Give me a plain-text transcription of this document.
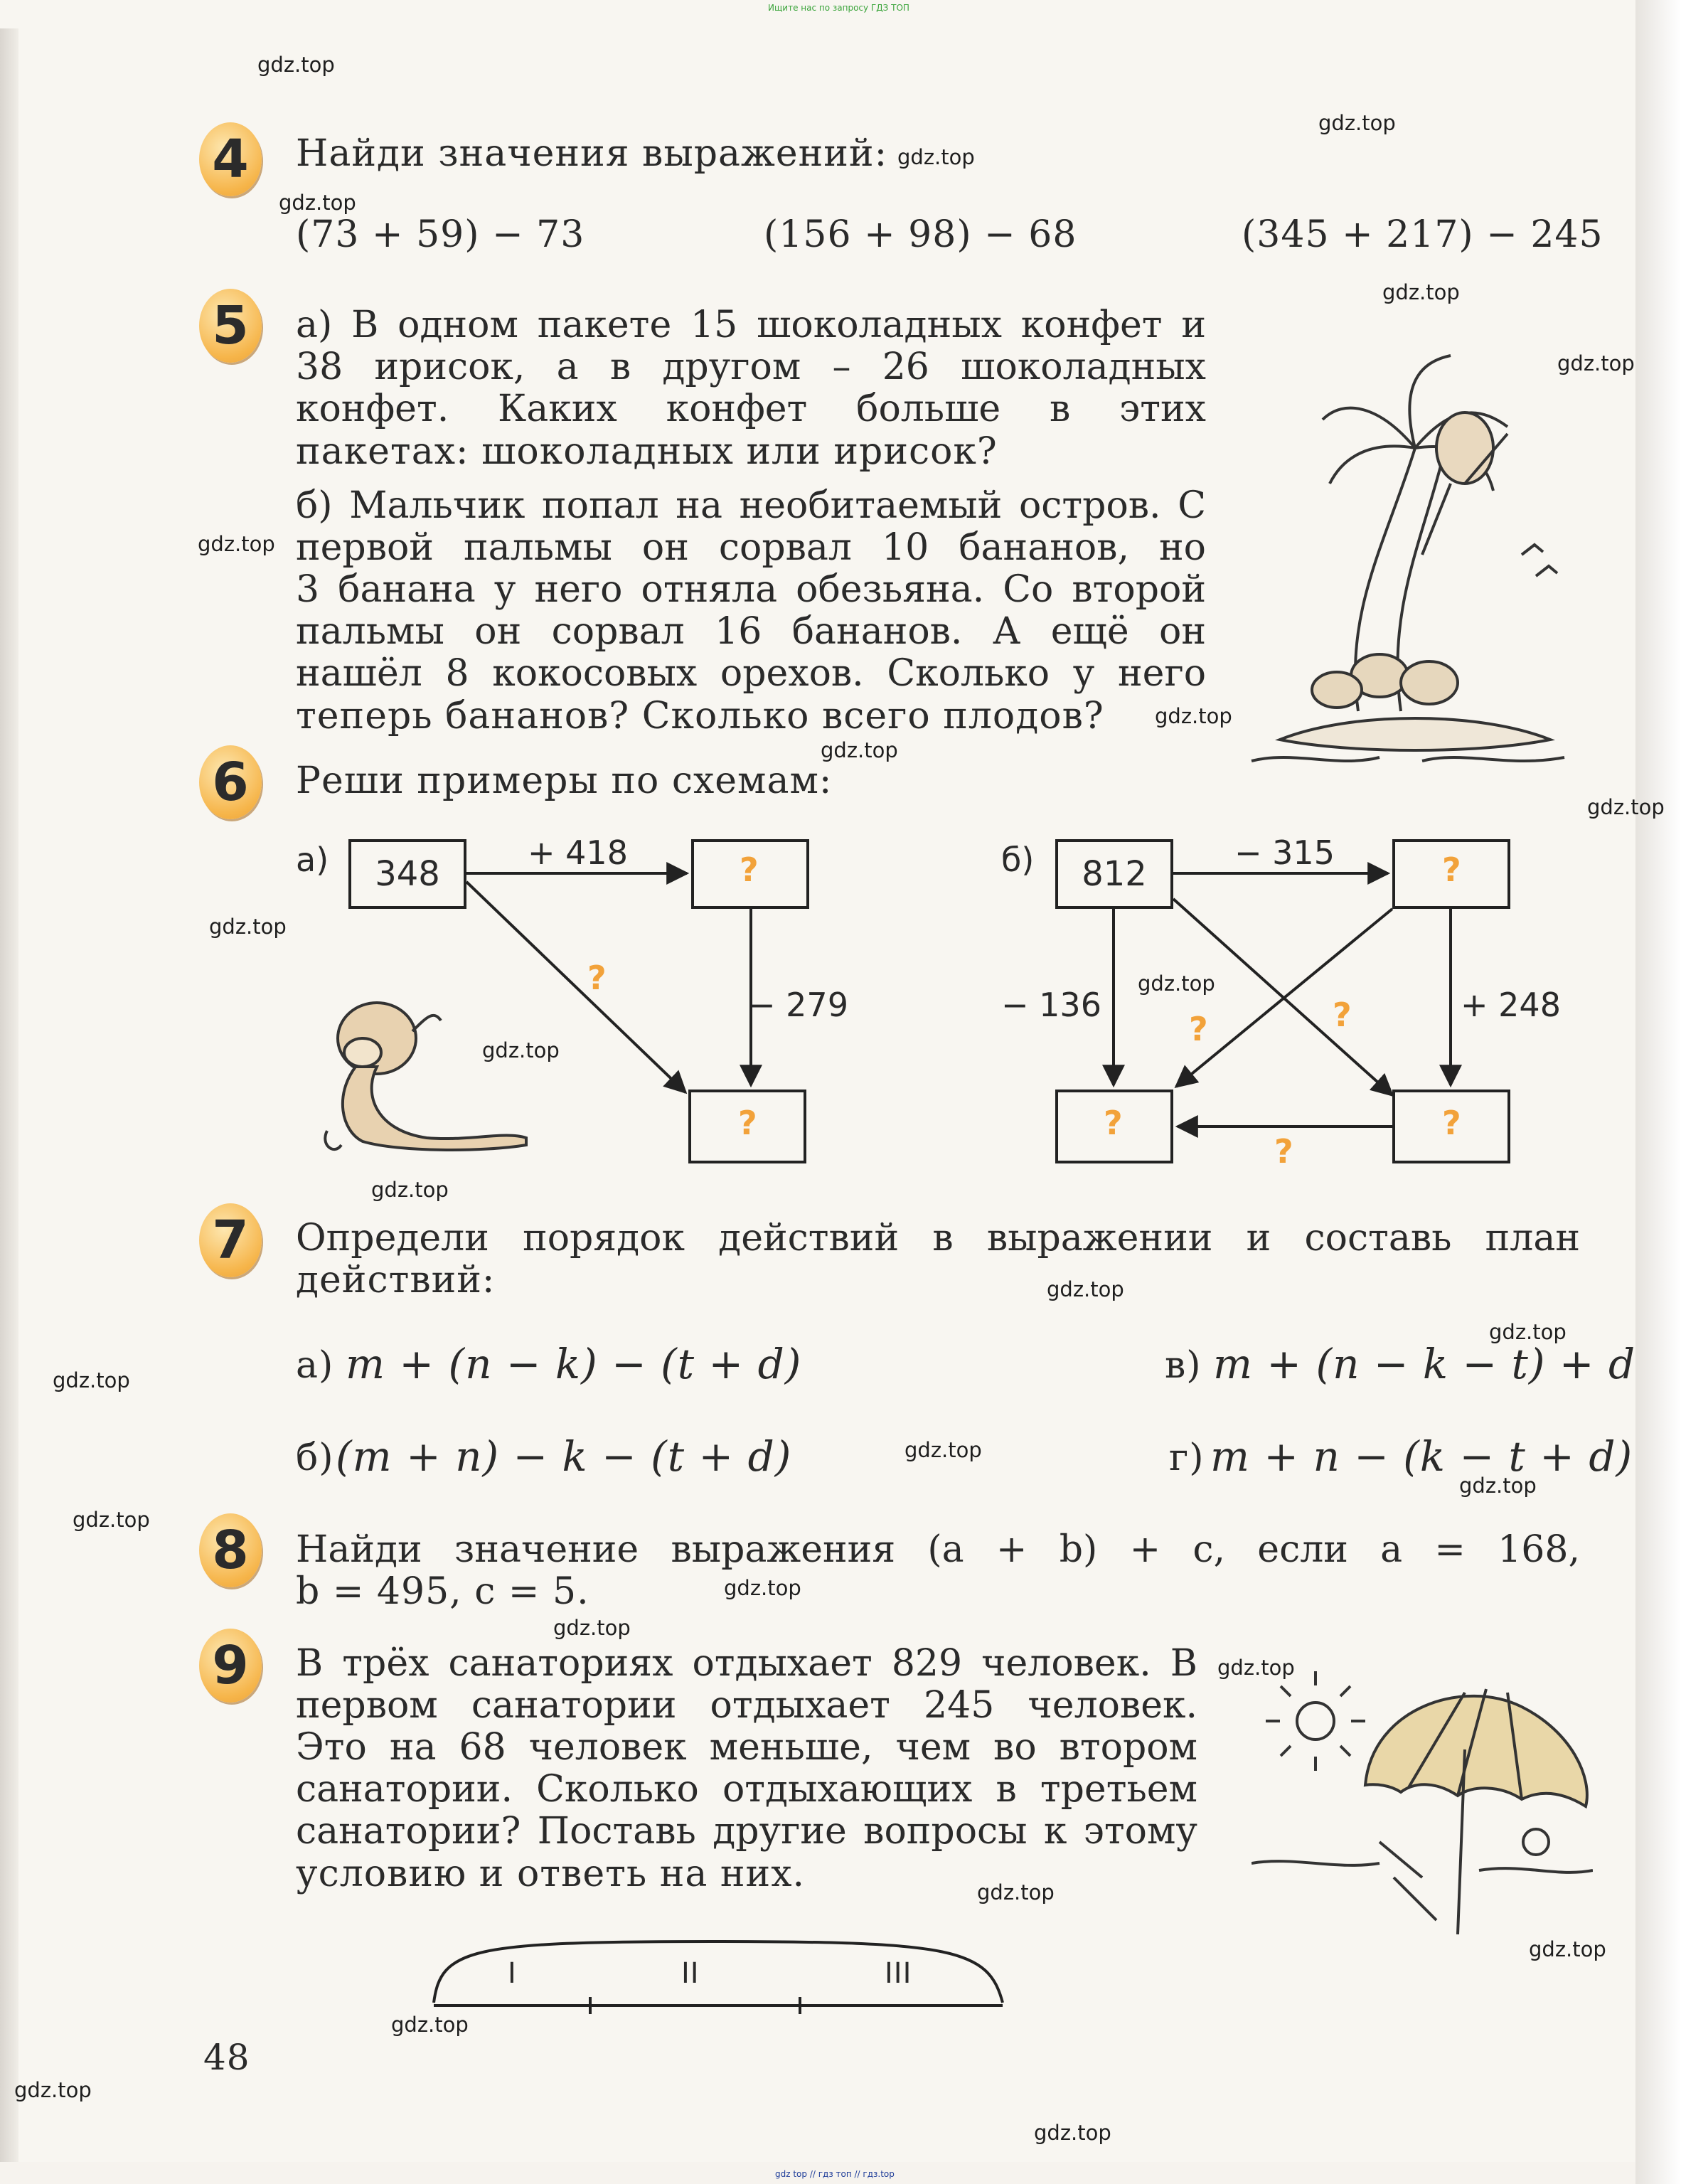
Ищите нас по запросу ГДЗ ТОП
4	Найди значения выражений:
(73 + 59) − 73	(156 + 98) − 68	(345 + 217) − 245
5	а) В одном пакете 15 шоколадных конфет и
38 ирисок, а в другом – 26 шоколадных
конфет. Каких конфет больше в этих
пакетах: шоколадных или ирисок?
б) Мальчик попал на необитаемый остров. С
первой пальмы он сорвал 10 бананов, но
3 банана у него отняла обезьяна. Со второй
пальмы он сорвал 16 бананов. А ещё он
нашёл 8 кокосовых орехов. Сколько у него
теперь бананов? Сколько всего плодов?
6	Реши примеры по схемам:
а)	348	?
?
+ 418
− 279
?
б)	812	?
?	?
− 315
− 136	+ 248
?	?
?
7	Определи порядок действий в выражении и составь план
действий:
а) m + (n − k) − (t + d)	в) m + (n − k − t) + d
б) (m + n) − k − (t + d)	г) m + n − (k − t + d)
8	Найди значение выражения (a + b) + c, если a = 168,
b = 495, c = 5.
9	В трёх санаториях отдыхает 829 человек. В
первом санатории отдыхает 245 человек.
Это на 68 человек меньше, чем во втором
санатории. Сколько отдыхающих в третьем
санатории? Поставь другие вопросы к этому
условию и ответь на них.
I	II	III
48
gdz.top
gdz.top
gdz.top
gdz.top
gdz.top
gdz.top
gdz.top
gdz.top
gdz.top
gdz.top
gdz.top
gdz.top
gdz.top
gdz.top
gdz.top
gdz.top
gdz.top
gdz.top
gdz.top
gdz.top
gdz.top
gdz.top
gdz.top
gdz.top
gdz.top
gdz.top
gdz.top
gdz.top
gdz top // гдз топ // гдз.top
